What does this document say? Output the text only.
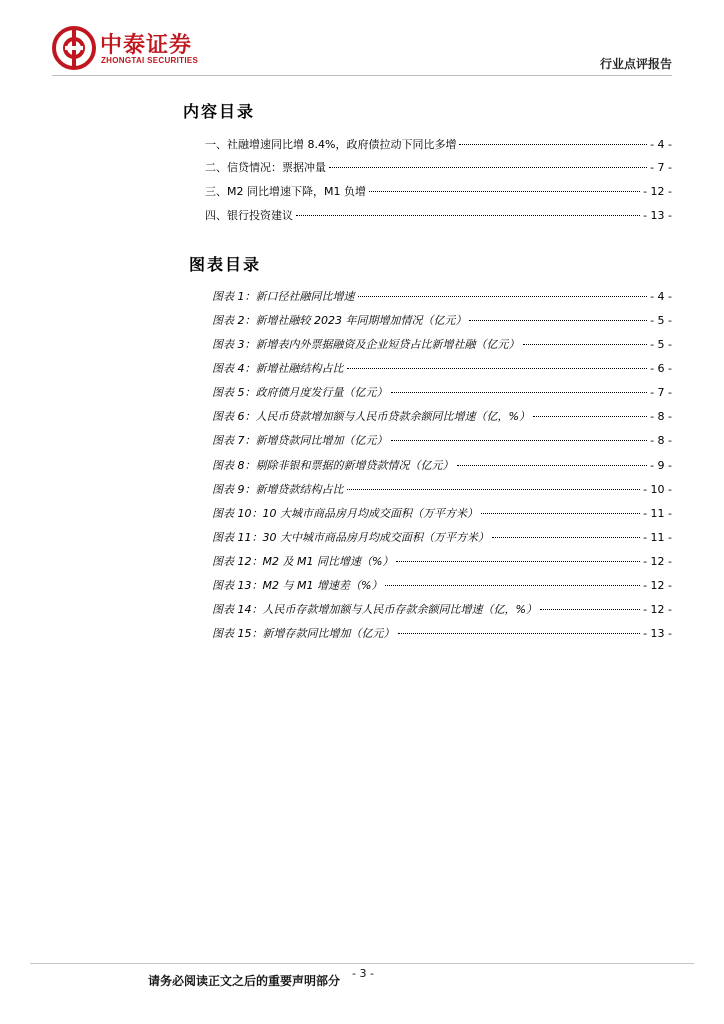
中泰证券
ZHONGTAI SECURITIES	行业点评报告
内容目录
一、社融增速同比增 8.4%，政府债拉动下同比多增	- 4 -
二、信贷情况：票据冲量	- 7 -
三、M2 同比增速下降，M1 负增	- 12 -
四、银行投资建议	- 13 -
图表目录
图表 1：新口径社融同比增速	- 4 -
图表 2：新增社融较 2023 年同期增加情况（亿元）	- 5 -
图表 3：新增表内外票据融资及企业短贷占比新增社融（亿元）	- 5 -
图表 4：新增社融结构占比	- 6 -
图表 5：政府债月度发行量（亿元）	- 7 -
图表 6：人民币贷款增加额与人民币贷款余额同比增速（亿，%）	- 8 -
图表 7：新增贷款同比增加（亿元）	- 8 -
图表 8：剔除非银和票据的新增贷款情况（亿元）	- 9 -
图表 9：新增贷款结构占比	- 10 -
图表 10：10 大城市商品房月均成交面积（万平方米）	- 11 -
图表 11：30 大中城市商品房月均成交面积（万平方米）	- 11 -
图表 12：M2 及 M1 同比增速（%）	- 12 -
图表 13：M2 与 M1 增速差（%）	- 12 -
图表 14：人民币存款增加额与人民币存款余额同比增速（亿，%）	- 12 -
图表 15：新增存款同比增加（亿元）	- 13 -
请务必阅读正文之后的重要声明部分
- 3 -
